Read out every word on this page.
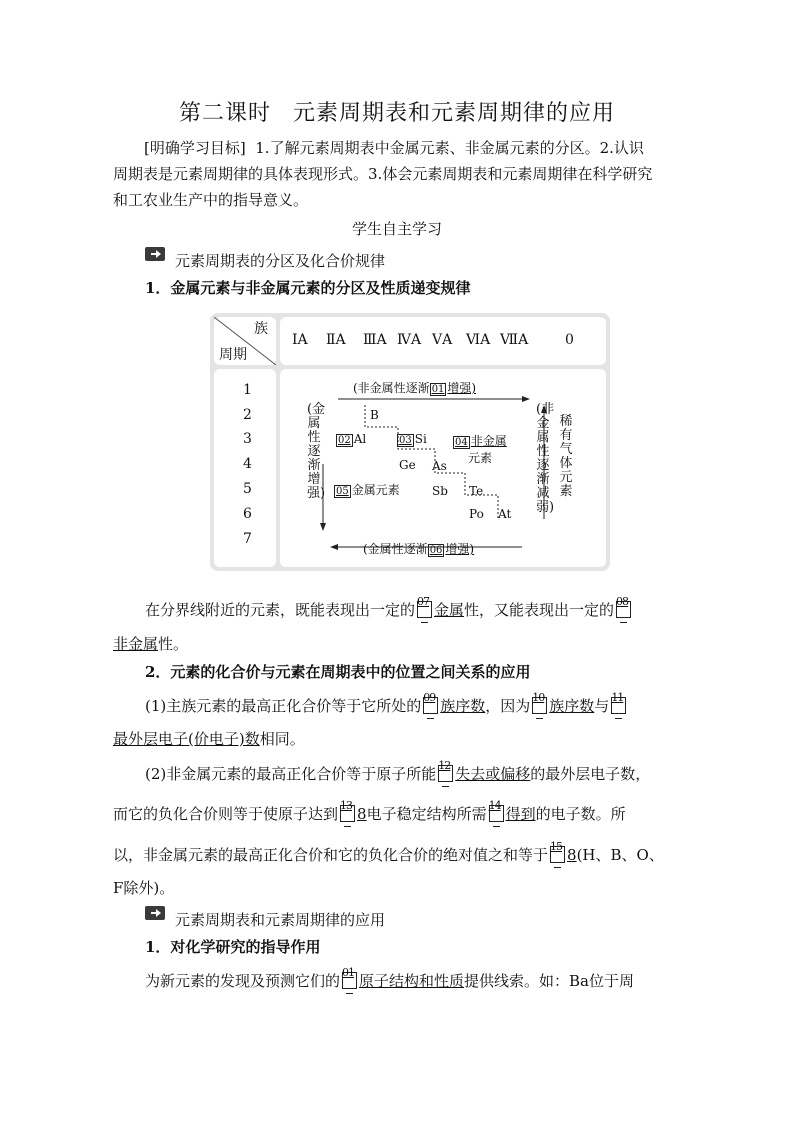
第二课时 元素周期表和元素周期律的应用
[明确学习目标] 1.了解元素周期表中金属元素、非金属元素的分区。2.认识
周期表是元素周期律的具体表现形式。3.体会元素周期表和元素周期律在科学研究
和工农业生产中的指导意义。
学生自主学习
元素周期表的分区及化合价规律
1．金属元素与非金属元素的分区及性质递变规律
族
周期
ⅠA ⅡA ⅢA ⅣA ⅤA ⅥA ⅦA	0
1
2
3
4
5
6
7
(非金属性逐渐 01 增强)
(金属性逐渐 06 增强)
(金属性逐渐增强)
(非金属性逐渐减弱)
稀有气体元素
B
02 Al	03 Si	04 非金属
元素
Ge As
05 金属元素	Sb Te
Po At
在分界线附近的元素，既能表现出一定的 07 金属性，又能表现出一定的 08
非金属性。
2．元素的化合价与元素在周期表中的位置之间关系的应用
(1)主族元素的最高正化合价等于它所处的 09 族序数，因为 10 族序数与 11
最外层电子(价电子)数相同。
(2)非金属元素的最高正化合价等于原子所能 12 失去或偏移的最外层电子数，
而它的负化合价则等于使原子达到 13 8电子稳定结构所需 14 得到的电子数。所
以，非金属元素的最高正化合价和它的负化合价的绝对值之和等于 15 8(H、B、O、
F除外)。
元素周期表和元素周期律的应用
1．对化学研究的指导作用
为新元素的发现及预测它们的 01 原子结构和性质提供线索。如：Ba位于周
